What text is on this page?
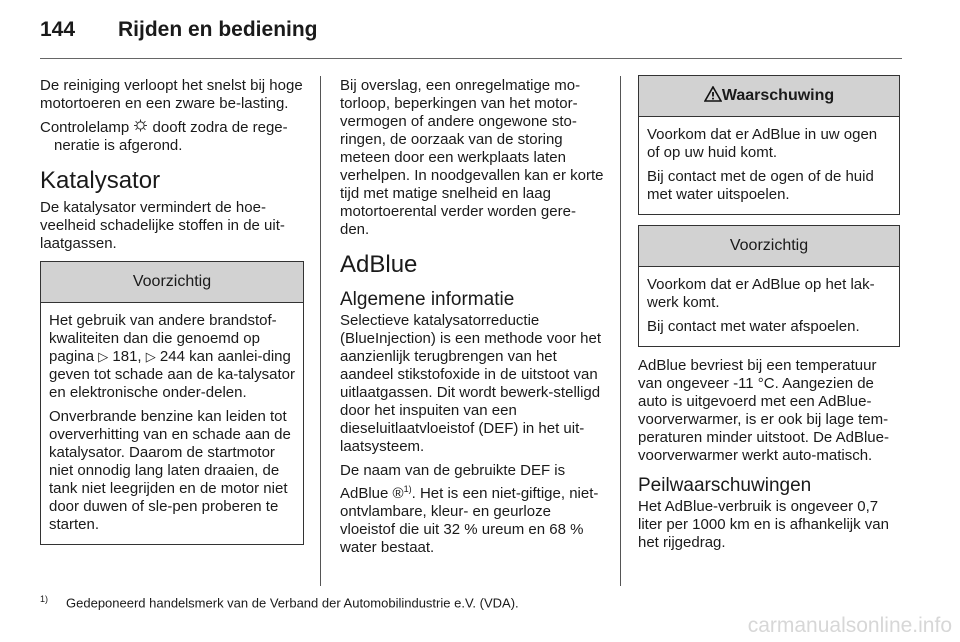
144 Rijden en bediening

De reiniging verloopt het snelst bij hoge motortoeren en een zware be-lasting.

Controlelamp  dooft zodra de rege-neratie is afgerond.

Katalysator

De katalysator vermindert de hoe-veelheid schadelijke stoffen in de uit-laatgassen.

Voorzichtig

Het gebruik van andere brandstof-kwaliteiten dan die genoemd op pagina ▷ 181, ▷ 244 kan aanlei-ding geven tot schade aan de ka-talysator en elektronische onder-delen.

Onverbrande benzine kan leiden tot oververhitting van en schade aan de katalysator. Daarom de startmotor niet onnodig lang laten draaien, de tank niet leegrijden en de motor niet door duwen of sle-pen proberen te starten.

Bij overslag, een onregelmatige mo-torloop, beperkingen van het motor-vermogen of andere ongewone sto-ringen, de oorzaak van de storing meteen door een werkplaats laten verhelpen. In noodgevallen kan er korte tijd met matige snelheid en laag motortoerental verder worden gere-den.

AdBlue
Algemene informatie

Selectieve katalysatorreductie (BlueInjection) is een methode voor het aanzienlijk terugbrengen van het aandeel stikstofoxide in de uitstoot van uitlaatgassen. Dit wordt bewerk-stelligd door het inspuiten van een dieseluitlaatvloeistof (DEF) in het uit-laatsysteem.

De naam van de gebruikte DEF is AdBlue ®$^{1)}$. Het is een niet-giftige, niet-ontvlambare, kleur- en geurloze vloeistof die uit 32 % ureum en 68 % water bestaat.

Waarschuwing

Voorkom dat er AdBlue in uw ogen of op uw huid komt.

Bij contact met de ogen of de huid met water uitspoelen.

Voorzichtig

Voorkom dat er AdBlue op het lak-werk komt.

Bij contact met water afspoelen.

AdBlue bevriest bij een temperatuur van ongeveer -11 °C. Aangezien de auto is uitgevoerd met een AdBlue-voorverwarmer, is er ook bij lage tem-peraturen minder uitstoot. De AdBlue-voorverwarmer werkt auto-matisch.

Peilwaarschuwingen

Het AdBlue-verbruik is ongeveer 0,7 liter per 1000 km en is afhankelijk van het rijgedrag.

$^{1)}$ Gedeponeerd handelsmerk van de Verband der Automobilindustrie e.V. (VDA).
carmanualsonline.info
